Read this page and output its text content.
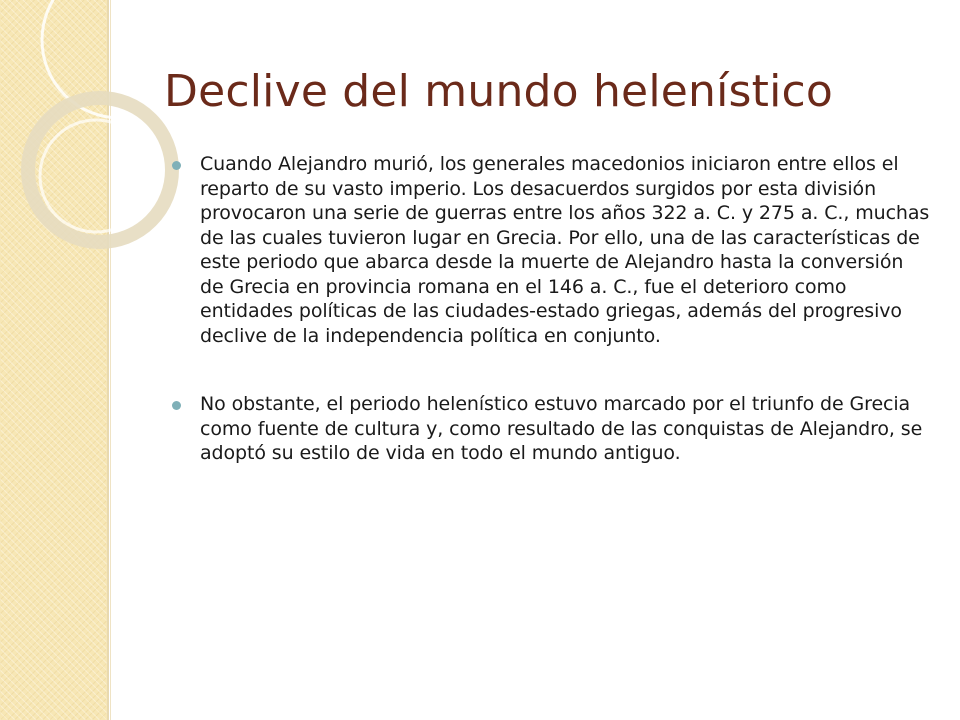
Declive del mundo helenístico
Cuando Alejandro murió, los generales macedonios iniciaron entre ellos el reparto de su vasto imperio. Los desacuerdos surgidos por esta división provocaron una serie de guerras entre los años 322 a. C. y 275 a. C., muchas de las cuales tuvieron lugar en Grecia. Por ello, una de las características de este periodo que abarca desde la muerte de Alejandro hasta la conversión de Grecia en provincia romana en el 146 a. C., fue el deterioro como entidades políticas de las ciudades-estado griegas, además del progresivo declive de la independencia política en conjunto.
No obstante, el periodo helenístico estuvo marcado por el triunfo de Grecia como fuente de cultura y, como resultado de las conquistas de Alejandro, se adoptó su estilo de vida en todo el mundo antiguo.
